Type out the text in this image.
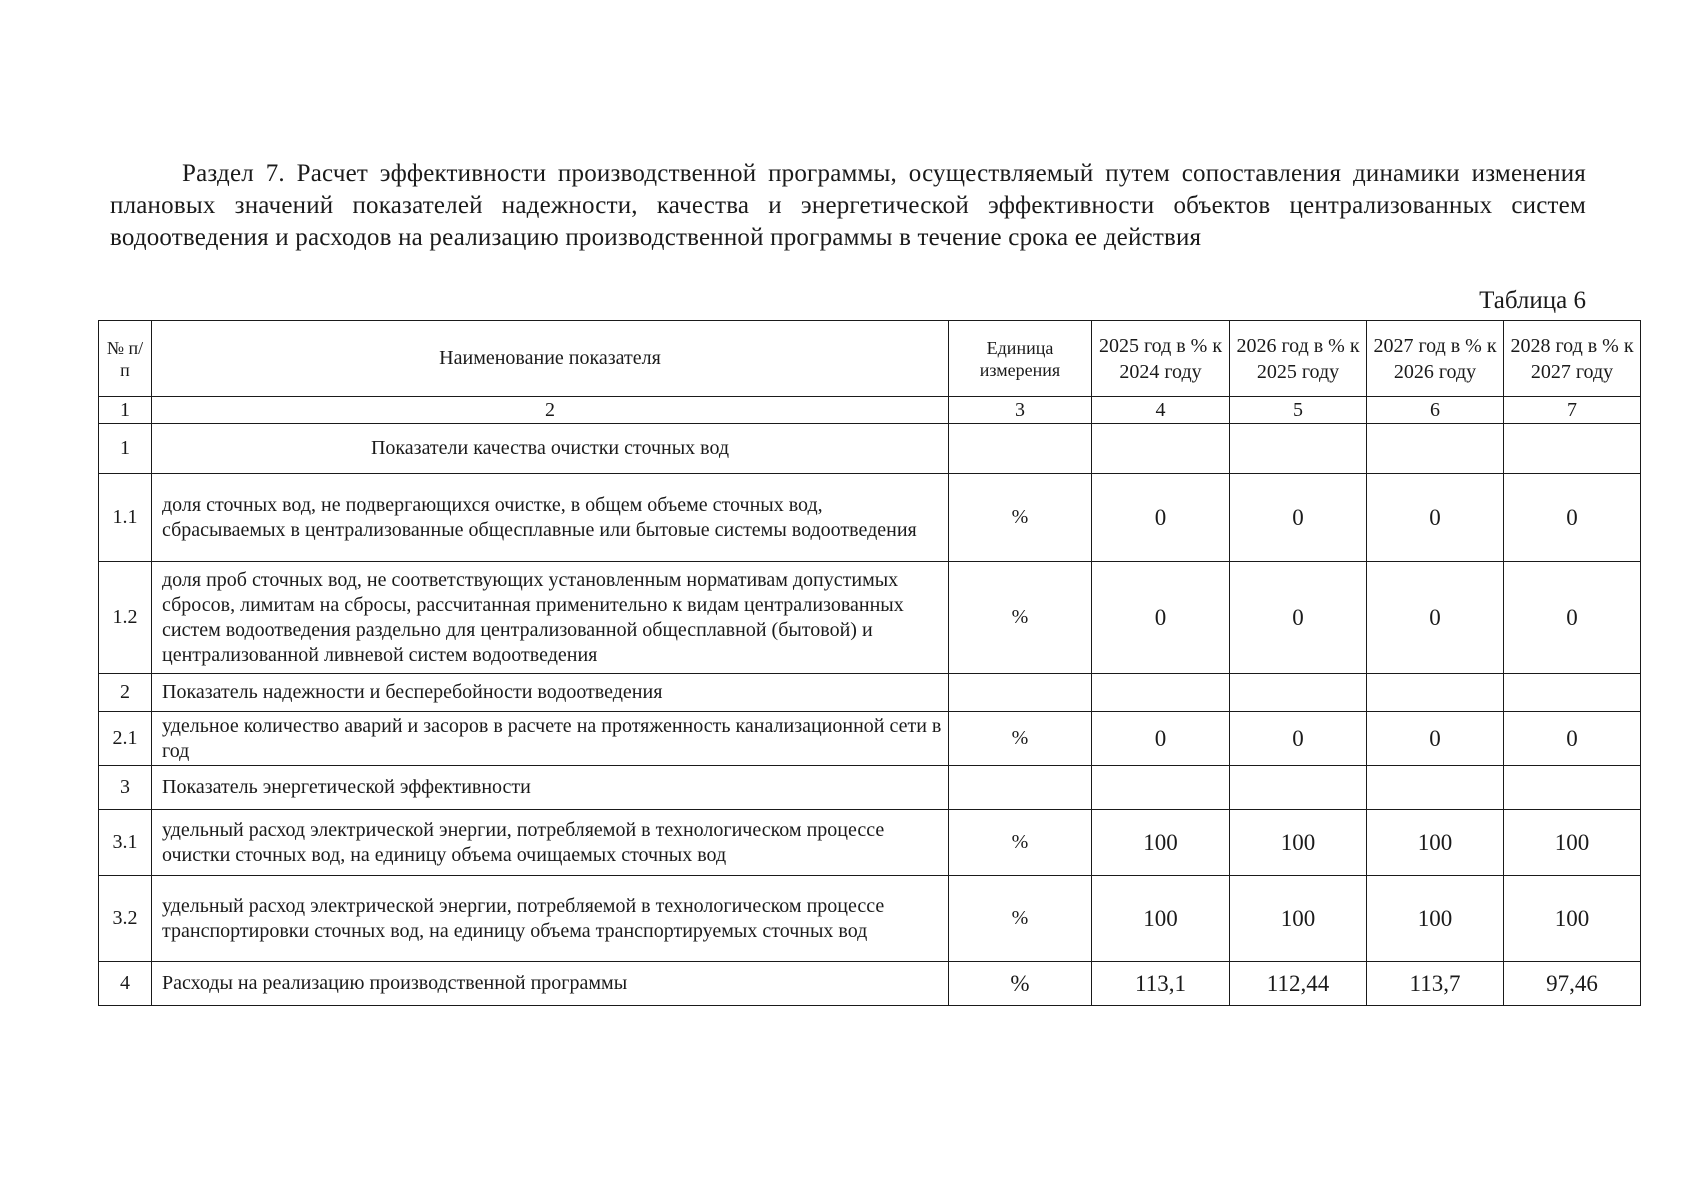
Раздел 7. Расчет эффективности производственной программы, осуществляемый путем сопоставления динамики изменения плановых значений показателей надежности, качества и энергетической эффективности объектов централизованных систем водоотведения и расходов на реализацию производственной программы в течение срока ее действия

Таблица 6
№ п/п	Наименование показателя	Единица измерения	2025 год в % к 2024 году	2026 год в % к 2025 году	2027 год в % к 2026 году	2028 год в % к 2027 году
1	2	3	4	5	6	7
1	Показатели качества очистки сточных вод					
1.1	доля сточных вод, не подвергающихся очистке, в общем объеме сточных вод, сбрасываемых в централизованные общесплавные или бытовые системы водоотведения	%	0	0	0	0
1.2	доля проб сточных вод, не соответствующих установленным нормативам допустимых сбросов, лимитам на сбросы, рассчитанная применительно к видам централизованных систем водоотведения раздельно для централизованной общесплавной (бытовой) и централизованной ливневой систем водоотведения	%	0	0	0	0
2	Показатель надежности и бесперебойности водоотведения					
2.1	удельное количество аварий и засоров в расчете на протяженность канализационной сети в год	%	0	0	0	0
3	Показатель энергетической эффективности					
3.1	удельный расход электрической энергии, потребляемой в технологическом процессе очистки сточных вод, на единицу объема очищаемых сточных вод	%	100	100	100	100
3.2	удельный расход электрической энергии, потребляемой в технологическом процессе транспортировки сточных вод, на единицу объема транспортируемых сточных вод	%	100	100	100	100
4	Расходы на реализацию производственной программы	%	113,1	112,44	113,7	97,46
